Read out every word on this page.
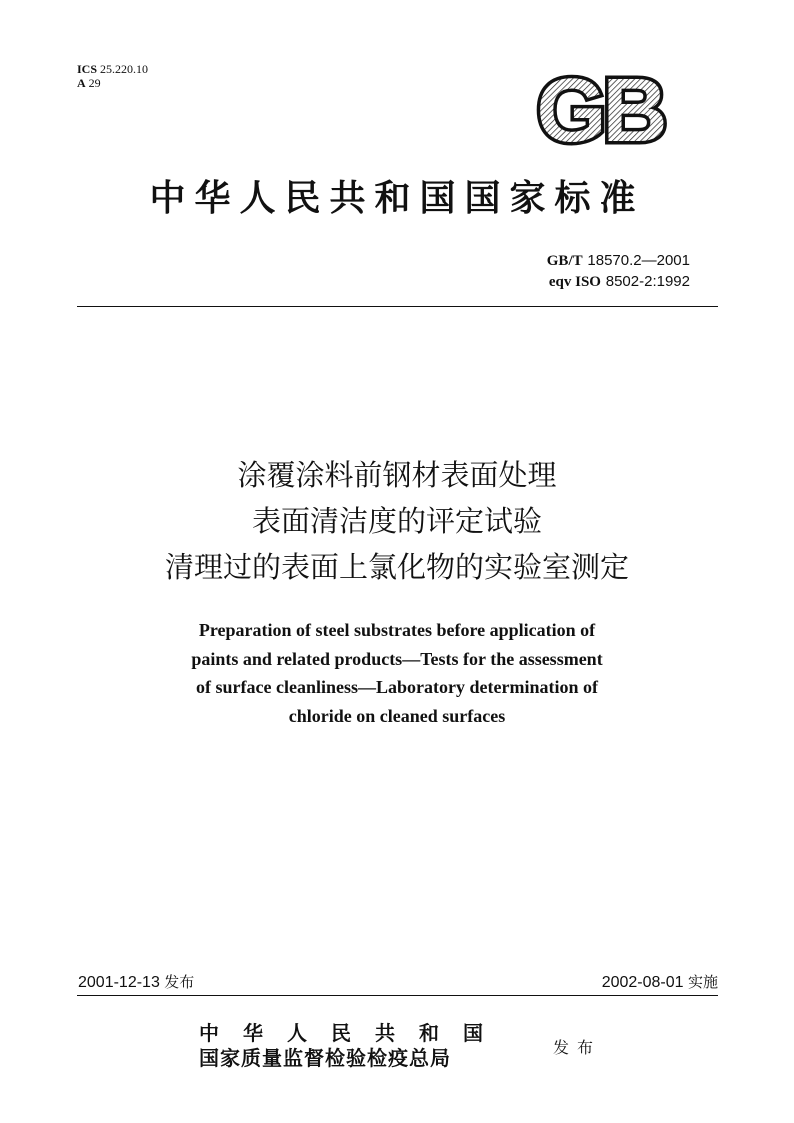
ICS 25.220.10
A 29	GB
中华人民共和国国家标准
GB/T 18570.2—2001
eqv ISO 8502-2:1992
涂覆涂料前钢材表面处理
表面清洁度的评定试验
清理过的表面上氯化物的实验室测定
Preparation of steel substrates before application of
paints and related products—Tests for the assessment
of surface cleanliness—Laboratory determination of
chloride on cleaned surfaces
2001-12-13 发布	2002-08-01 实施
中华人民共和国
国家质量监督检验检疫总局	发布
